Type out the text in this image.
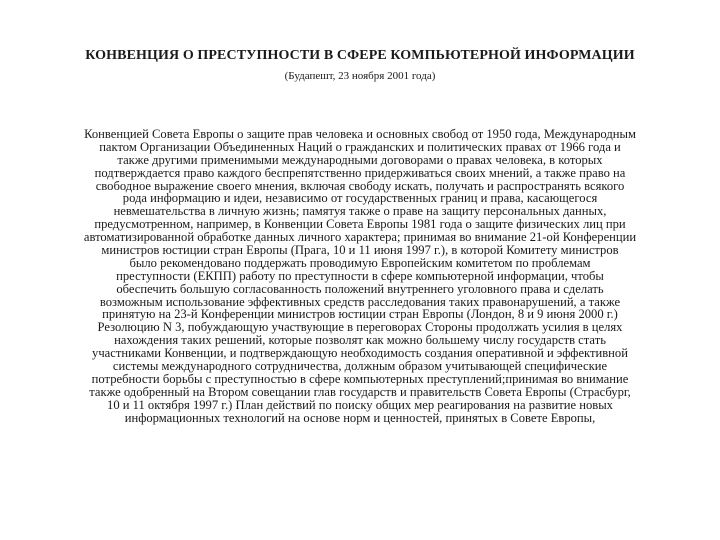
КОНВЕНЦИЯ О ПРЕСТУПНОСТИ В СФЕРЕ КОМПЬЮТЕРНОЙ ИНФОРМАЦИИ
(Будапешт, 23 ноября 2001 года)
Конвенцией Совета Европы о защите прав человека и основных свобод от 1950 года, Международным
пактом Организации Объединенных Наций о гражданских и политических правах от 1966 года и
также другими применимыми международными договорами о правах человека, в которых
подтверждается право каждого беспрепятственно придерживаться своих мнений, а также право на
свободное выражение своего мнения, включая свободу искать, получать и распространять всякого
рода информацию и идеи, независимо от государственных границ и права, касающегося
невмешательства в личную жизнь; памятуя также о праве на защиту персональных данных,
предусмотренном, например, в Конвенции Совета Европы 1981 года о защите физических лиц при
автоматизированной обработке данных личного характера; принимая во внимание 21-ой Конференции
министров юстиции стран Европы (Прага, 10 и 11 июня 1997 г.), в которой Комитету министров
было рекомендовано поддержать проводимую Европейским комитетом по проблемам
преступности (ЕКПП) работу по преступности в сфере компьютерной информации, чтобы
обеспечить большую согласованность положений внутреннего уголовного права и сделать
возможным использование эффективных средств расследования таких правонарушений, а также
принятую на 23-й Конференции министров юстиции стран Европы (Лондон, 8 и 9 июня 2000 г.)
Резолюцию N 3, побуждающую участвующие в переговорах Стороны продолжать усилия в целях
нахождения таких решений, которые позволят как можно большему числу государств стать
участниками Конвенции, и подтверждающую необходимость создания оперативной и эффективной
системы международного сотрудничества, должным образом учитывающей специфические
потребности борьбы с преступностью в сфере компьютерных преступлений;принимая во внимание
также одобренный на Втором совещании глав государств и правительств Совета Европы (Страсбург,
10 и 11 октября 1997 г.) План действий по поиску общих мер реагирования на развитие новых
информационных технологий на основе норм и ценностей, принятых в Совете Европы,
